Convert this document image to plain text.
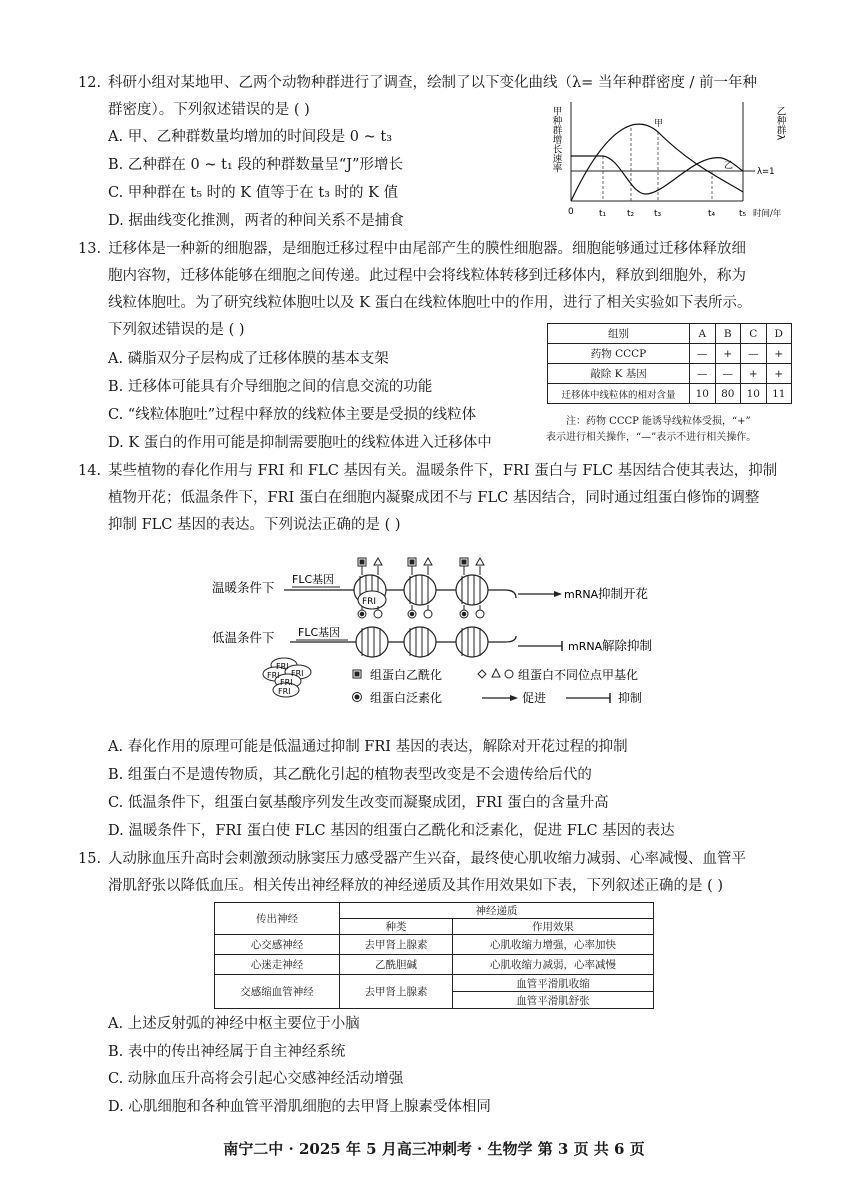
12. 科研小组对某地甲、乙两个动物种群进行了调查，绘制了以下变化曲线（λ= 当年种群密度 / 前一年种
群密度）。下列叙述错误的是 ( )
A. 甲、乙种群数量均增加的时间段是 0 ~ t₃
B. 乙种群在 0 ~ t₁ 段的种群数量呈“J”形增长
C. 甲种群在 t₅ 时的 K 值等于在 t₃ 时的 K 值
D. 据曲线变化推测，两者的种间关系不是捕食
甲种群增长速率	乙种群λ
λ=1
甲
乙
0	t₁ t₂ t₃	t₄	t₅ 时间/年
13. 迁移体是一种新的细胞器，是细胞迁移过程中由尾部产生的膜性细胞器。细胞能够通过迁移体释放细
胞内容物，迁移体能够在细胞之间传递。此过程中会将线粒体转移到迁移体内，释放到细胞外，称为
线粒体胞吐。为了研究线粒体胞吐以及 K 蛋白在线粒体胞吐中的作用，进行了相关实验如下表所示。
下列叙述错误的是 ( )
A. 磷脂双分子层构成了迁移体膜的基本支架
B. 迁移体可能具有介导细胞之间的信息交流的功能
C. “线粒体胞吐”过程中释放的线粒体主要是受损的线粒体
D. K 蛋白的作用可能是抑制需要胞吐的线粒体进入迁移体中
组别	A	B	C	D
药物 CCCP	—	+	—	+
敲除 K 基因	—	—	+	+
迁移体中线粒体的相对含量	10	80	10	11
注：药物 CCCP 能诱导线粒体受损，“+”
表示进行相关操作，“—”表示不进行相关操作。
14. 某些植物的春化作用与 FRI 和 FLC 基因有关。温暖条件下，FRI 蛋白与 FLC 基因结合使其表达，抑制
植物开花；低温条件下，FRI 蛋白在细胞内凝聚成团不与 FLC 基因结合，同时通过组蛋白修饰的调整
抑制 FLC 基因的表达。下列说法正确的是 ( )
温暖条件下
FLC基因
FRI
mRNA 抑制开花
低温条件下 FLC基因
mRNA 解除抑制
FRI
FRI FRI
FRI
FRI
组蛋白乙酰化	组蛋白不同位点甲基化
组蛋白泛素化	促进	抑制
A. 春化作用的原理可能是低温通过抑制 FRI 基因的表达，解除对开花过程的抑制
B. 组蛋白不是遗传物质，其乙酰化引起的植物表型改变是不会遗传给后代的
C. 低温条件下，组蛋白氨基酸序列发生改变而凝聚成团，FRI 蛋白的含量升高
D. 温暖条件下，FRI 蛋白使 FLC 基因的组蛋白乙酰化和泛素化，促进 FLC 基因的表达
15. 人动脉血压升高时会刺激颈动脉窦压力感受器产生兴奋，最终使心肌收缩力减弱、心率减慢、血管平
滑肌舒张以降低血压。相关传出神经释放的神经递质及其作用效果如下表，下列叙述正确的是 ( )
传出神经	神经递质	
	种类	作用效果
心交感神经	去甲肾上腺素	心肌收缩力增强，心率加快
心迷走神经	乙酰胆碱	心肌收缩力减弱，心率减慢
交感缩血管神经	去甲肾上腺素	血管平滑肌收缩
		血管平滑肌舒张
A. 上述反射弧的神经中枢主要位于小脑
B. 表中的传出神经属于自主神经系统
C. 动脉血压升高将会引起心交感神经活动增强
D. 心肌细胞和各种血管平滑肌细胞的去甲肾上腺素受体相同
南宁二中 · 2025 年 5 月高三冲刺考 · 生物学 第 3 页 共 6 页
